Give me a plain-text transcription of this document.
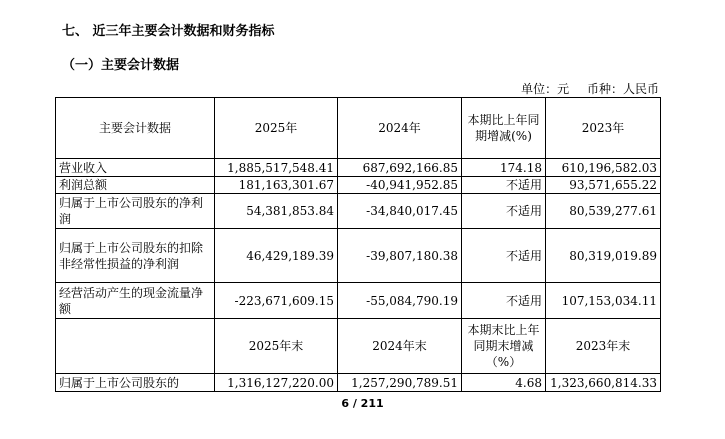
七、 近三年主要会计数据和财务指标
（一）主要会计数据
单位：元 币种：人民币
主要会计数据	2025年	2024年	本期比上年同期增减(%)	2023年
营业收入	1,885,517,548.41	687,692,166.85	174.18	610,196,582.03
利润总额	181,163,301.67	-40,941,952.85	不适用	93,571,655.22
归属于上市公司股东的净利润	54,381,853.84	-34,840,017.45	不适用	80,539,277.61
归属于上市公司股东的扣除非经常性损益的净利润	46,429,189.39	-39,807,180.38	不适用	80,319,019.89
经营活动产生的现金流量净额	-223,671,609.15	-55,084,790.19	不适用	107,153,034.11
	2025年末	2024年末	本期末比上年同期末增减（%）	2023年末
归属于上市公司股东的	1,316,127,220.00	1,257,290,789.51	4.68	1,323,660,814.33
6 / 211
